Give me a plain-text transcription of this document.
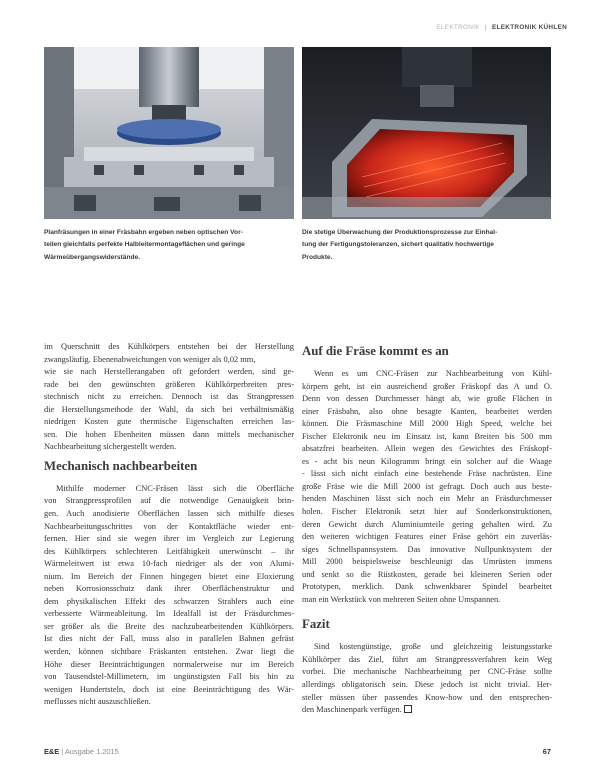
ELEKTRONIK | ELEKTRONIK KÜHLEN
Planfräsungen in einer Fräsbahn ergeben neben optischen Vor-
teilen gleichfalls perfekte Halbleitermontageflächen und geringe
Wärmeübergangswiderstände.
Die stetige Überwachung der Produktionsprozesse zur Einhal-
tung der Fertigungstoleranzen, sichert qualitativ hochwertige
Produkte.
im Querschnitt des Kühlkörpers entstehen bei der Herstellung
zwangsläufig. Ebenenabweichungen von weniger als 0,02 mm,
wie sie nach Herstellerangaben oft gefordert werden, sind ge-
rade bei den gewünschten größeren Kühlkörperbreiten pres-
stechnisch nicht zu erreichen. Dennoch ist das Strangpressen
die Herstellungsmethode der Wahl, da sich bei verhältnismäßig
niedrigen Kosten gute thermische Eigenschaften erreichen las-
sen. Die hohen Ebenheiten müssen dann mittels mechanischer
Nachbearbeitung sichergestellt werden.
Mechanisch nachbearbeiten
Mithilfe moderner CNC-Fräsen lässt sich die Oberfläche
von Strangpressprofilen auf die notwendige Genauigkeit brin-
gen. Auch anodisierte Oberflächen lassen sich mithilfe dieses
Nachbearbeitungsschrittes von der Kontaktfläche wieder ent-
fernen. Hier sind sie wegen ihrer im Vergleich zur Legierung
des Kühlkörpers schlechteren Leitfähigkeit unerwünscht – ihr
Wärmeleitwert ist etwa 10-fach niedriger als der von Alumi-
nium. Im Bereich der Finnen hingegen bietet eine Eloxierung
neben Korrosionsschutz dank ihrer Oberflächenstruktur und
dem physikalischen Effekt des schwarzen Strahlers auch eine
verbesserte Wärmeableitung. Im Idealfall ist der Fräsdurchmes-
ser größer als die Breite des nachzubearbeitenden Kühlkörpers.
Ist dies nicht der Fall, muss also in parallelen Bahnen gefräst
werden, können sichtbare Fräskanten entstehen. Zwar liegt die
Höhe dieser Beeinträchtigungen normalerweise nur im Bereich
von Tausendstel-Millimetern, im ungünstigsten Fall bis hin zu
wenigen Hundertsteln, doch ist eine Beeinträchtigung des Wär-
meflusses nicht auszuschließen.
Auf die Fräse kommt es an
Wenn es um CNC-Fräsen zur Nachbearbeitung von Kühl-
körpern geht, ist ein ausreichend großer Fräskopf das A und O.
Denn von dessen Durchmesser hängt ab, wie große Flächen in
einer Fräsbahn, also ohne besagte Kanten, bearbeitet werden
können. Die Fräsmaschine Mill 2000 High Speed, welche bei
Fischer Elektronik neu im Einsatz ist, kann Breiten bis 500 mm
absatzfrei bearbeiten. Allein wegen des Gewichtes des Fräskopf-
es - acht bis neun Kilogramm bringt ein solcher auf die Waage
- lässt sich nicht einfach eine bestehende Fräse nachrüsten. Eine
große Fräse wie die Mill 2000 ist gefragt. Doch auch aus beste-
henden Maschinen lässt sich noch ein Mehr an Fräsdurchmesser
holen. Fischer Elektronik setzt hier auf Sonderkonstruktionen,
deren Gewicht durch Aluminiumteile gering gehalten wird. Zu
den weiteren wichtigen Features einer Fräse gehört ein zuverläs-
siges Schnellspannsystem. Das innovative Nullpunktsystem der
Mill 2000 beispielsweise beschleunigt das Umrüsten immens
und senkt so die Rüstkosten, gerade bei kleineren Serien oder
Prototypen, merklich. Dank schwenkbarer Spindel bearbeitet
man ein Werkstück von mehreren Seiten ohne Umspannen.
Fazit
Sind kostengünstige, große und gleichzeitig leistungsstarke
Kühlkörper das Ziel, führt am Strangpressverfahren kein Weg
vorbei. Die mechanische Nachbearbeitung per CNC-Fräse sollte
allerdings obligatorisch sein. Diese jedoch ist nicht trivial. Her-
steller müssen über passendes Know-how und den entsprechen-
den Maschinenpark verfügen.
E&E | Ausgabe 1.2015	67
